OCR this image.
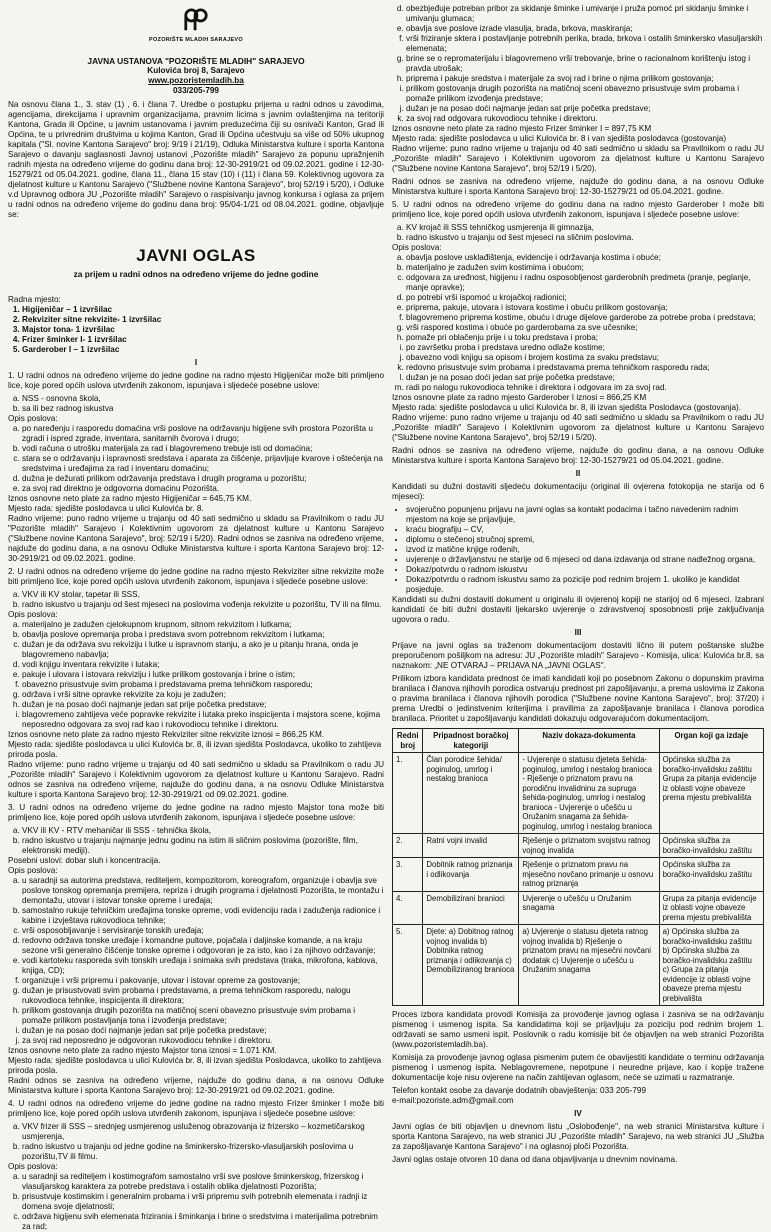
POZORIŠTE MLADIH SARAJEVO
JAVNA USTANOVA "POZORIŠTE MLADIH" SARAJEVO
Kulovića broj 8, Sarajevo
www.pozoristemladih.ba
033/205-799

Na osnovu člana 1., 3. stav (1) , 6. i člana 7. Uredbe o postupku prijema u radni odnos u zavodima, agencijama, direkcijama i upravnim organizacijama, pravnim licima s javnim ovlaštenjima na teritoriji Kantona, Grada ili Općine, u javnim ustanovama i javnim preduzećima čiji su osnivači Kanton, Grad ili Općina, te u privrednim društvima u kojima Kanton, Grad ili Općina učestvuju sa više od 50% ukupnog kapitala ("Sl. novine Kantona Sarajevo" broj: 9/19 i 21/19), Odluka Ministarstva kulture i sporta Kantona Sarajevo o davanju saglasnosti Javnoj ustanovi „Pozorište mladih" Sarajevo za popunu upražnjenih radnih mjesta na određeno vrijeme do godinu dana broj: 12-30-2919/21 od 09.02.2021. godine i 12-30-15279/21 od 05.04.2021. godine, člana 11., člana 15 stav (10) i (11) i člana 59. Kolektivnog ugovora za djelatnost kulture u Kantonu Sarajevo ("Službene novine Kantona Sarajevo", broj 52/19 i 5/20), i Odluke v.d Upravnog odbora JU „Pozorište mladih" Sarajevo o raspisivanju javnog konkursa i oglasa za prijem u radni odnos na određeno vrijeme do godinu dana broj: 95/04-1/21 od 08.04.2021. godine, objavljuje se:

JAVNI OGLAS
za prijem u radni odnos na određeno vrijeme do jedne godine
Radna mjesto:
1. Higijeničar – 1 izvršilac
2. Rekviziter sitne rekvizite- 1 izvršilac
3. Majstor tona- 1 izvršilac
4. Frizer šminker I- 1 izvršilac
5. Garderober I – 1 izvršilac
I

1. U radni odnos na određeno vrijeme do jedne godine na radno mjesto Higijeničar može biti primljeno lice, koje pored općih uslova utvrđenih zakonom, ispunjava i sljedeće posebne uslove:

a. NSS - osnovna škola,
b. sa ili bez radnog iskustva
Opis poslova:
a. po naređenju i rasporedu domaćina vrši poslove na održavanju higijene svih prostora Pozorišta u zgradi i ispred zgrade, inventara, sanitarnih čvorova i drugo;
b. vodi računa o utrošku materijala za rad i blagovremeno trebuje isti od domaćina;
c. stara se o održavanju i ispravnosti sredstava i aparata za čišćenje, prijavljuje kvarove i oštećenja na sredstvima i uređajima za rad i inventaru domaćinu;
d. dužna je dežurati prilikom održavanja predstava i drugih programa u pozorištu;
e. za svoj rad direktno je odgovorna domaćinu Pozorišta.
Iznos osnovne neto plate za radno mjesto Higijeničar = 645,75 KM.
Mjesto rada: sjedište poslodavca u ulici Kulovića br. 8.

Radno vrijeme: puno radno vrijeme u trajanju od 40 sati sedmično u skladu sa Pravilnikom o radu JU "Pozorište mladih" Sarajevo i Kolektivnim ugovorom za djelatnost kulture u Kantonu Sarajevo ("Službene novine Kantona Sarajevo", broj: 52/19 i 5/20). Radni odnos se zasniva na određeno vrijeme, najduže do godinu dana, a na osnovu Odluke Ministarstva kulture i sporta Kantona Sarajevo broj: 12-30-2919/21 od 09.02.2021. godine.

2. U radni odnos na određeno vrijeme do jedne godine na radno mjesto Rekviziter sitne rekvizite može biti primljeno lice, koje pored općih uslova utvrđenih zakonom, ispunjava i sljedeće posebne uslove:

a. VKV ili KV stolar, tapetar ili SSS,
b. radno iskustvo u trajanju od šest mjeseci na poslovima vođenja rekvizite u pozorištu, TV ili na filmu.
Opis poslova:
a. materijalno je zadužen cjelokupnom krupnom, sitnom rekvizitom i lutkama;
b. obavlja poslove opremanja proba i predstava svom potrebnom rekvizitom i lutkama;
c. dužan je da održava svu rekviziju i lutke u ispravnom stanju, a ako je u pitanju hrana, onda je blagovremeno nabavlja;
d. vodi knjigu inventara rekvizite i lutaka;
e. pakuje i ulovara i istovara rekviziju i lutke prilikom gostovanja i brine o istim;
f. obavezno prisustvuje svim probama i predstavama prema tehničkom rasporedu;
g. održava i vrši sitne opravke rekvizite za koju je zadužen;
h. dužan je na posao doći najmanje jedan sat prije početka predstave;
i. blagovremeno zahtijeva veće popravke rekvizite i lutaka preko inspicijenta i majstora scene, kojima neposredno odgovara za svoj rad kao i rukovodiocu tehnike i direktoru.
Iznos osnovne neto plate za radno mjesto Rekviziter sitne rekvizite iznosi = 866,25 KM.
Mjesto rada: sjedište poslodavca u ulici Kulovića br. 8, ili izvan sjedišta Poslodavca, ukoliko to zahtijeva priroda posla.

Radno vrijeme: puno radno vrijeme u trajanju od 40 sati sedmično u skladu sa Pravilnikom o radu JU „Pozorište mladih" Sarajevo i Kolektivnim ugovorom za djelatnost kulture u Kantonu Sarajevo. Radni odnos se zasniva na određeno vrijeme, najduže do godinu dana, a na osnovu Odluke Ministarstva kulture i sporta Kantona Sarajevo broj: 12-30-2919/21 od 09.02.2021. godine.

3. U radni odnos na određeno vrijeme do jedne godine na radno mjesto Majstor tona može biti primljeno lice, koje pored općih uslova utvrđenih zakonom, ispunjava i sljedeće posebne uslove:

a. VKV ili KV - RTV mehaničar ili SSS - tehnička škola,
b. radno iskustvo u trajanju najmanje jednu godinu na istim ili sličnim poslovima (pozorište, film, elektronski mediji).
Posebni uslovi: dobar sluh i koncentracija.
Opis poslova:
a. u saradnji sa autorima predstava, rediteljem, kompozitorom, koreografom, organizuje i obavlja sve poslove tonskog opremanja premijera, repriza i drugih programa i djelatnosti Pozorišta, te montažu i demontažu, utovar i istovar tonske opreme i uređaja;
b. samostalno rukuje tehničkim uređajima tonske opreme, vodi evidenciju rada i zaduženja radionice i kabine i izvještava rukovodioca tehnike;
c. vrši osposobljavanje i servisiranje tonskih uređaja;
d. redovno održava tonske uređaje i komandne pultove, pojačala i daljinske komande, a na kraju sezone vrši generalno čišćenje tonske opreme i odgovoran je za isto, kao i za njihovo održavanje;
e. vodi kartoteku rasporeda svih tonskih uređaja i snimaka svih predstava (traka, mikrofona, kablova, knjiga, CD);
f. organizuje i vrši pripremu i pakovanje, utovar i istovar opreme za gostovanje;
g. dužan je prisustvovati svim probama i predstavama, a prema tehničkom rasporedu, nalogu rukovodioca tehnike, inspicijenta ili direktora;
h. prilikom gostovanja drugih pozorišta na matičnoj sceni obavezno prisustvuje svim probama i pomaže prilikom postavljanja tona i izvođenja predstave;
i. dužan je na posao doći najmanje jedan sat prije početka predstave;
j. za svoj rad neposredno je odgovoran rukovodiocu tehnike i direktoru.
Iznos osnovne neto plate za radno mjesto Majstor tona iznosi = 1.071 KM.
Mjesto rada: sjedište poslodavca u ulici Kulovića br. 8, ili izvan sjedišta Poslodavca, ukoliko to zahtijeva priroda posla.

Radni odnos se zasniva na određeno vrijeme, najduže do godinu dana, a na osnovu Odluke Ministarstva kulture i sporta Kantona Sarajevo broj: 12-30-2919/21 od 09.02.2021. godine.

4. U radni odnos na određeno vrijeme do jedne godine na radno mjesto Frizer šminker I može biti primljeno lice, koje pored općih uslova utvrđenih zakonom, ispunjava i sljedeće posebne uslove:

a. VKV frizer ili SSS – srednjeg usmjerenog usluženog obrazovanja iz frizersko – kozmetičarskog usmjerenja,
b. radno iskustvo u trajanju od jedne godine na šminkersko-frizersko-vlasuljarskih poslovima u pozorištu,TV ili filmu.
Opis poslova:
a. u saradnji sa rediteljem i kostimografom samostalno vrši sve poslove šminkerskog, frizerskog i vlasuljarskog karaktera za potrebe predstava i ostalih oblika djelatnosti Pozorišta;
b. prisustvuje kostimskim i generalnim probama i vrši pripremu svih potrebnih elemenata i radnji iz domena svoje djelatnosti;
c. održava higijenu svih elemenata frizirania i šminkanja i brine o sredstvima i materijalima potrebnim za rad;
d. obezbjeđuje potreban pribor za skidanje šminke i umivanje i pruža pomoć pri skidanju šminke i umivanju glumaca;
e. obavlja sve poslove izrade vlasulja, brada, brkova, maskiranja;
f. vrši friziranje sktera i postavljanje potrebnih perika, brada, brkova i ostalih šminkersko vlasuljarskih elemenata;
g. brine se o repromaterijalu i blagovremeno vrši trebovanje, brine o racionalnom korištenju istog i pravda utrošak;
h. priprema i pakuje sredstva i materijale za svoj rad i brine o njima prilikom gostovanja;
i. prilikom gostovanja drugih pozorišta na matičnoj sceni obavezno prisustvuje svim probama i pomaže prilikom izvođenja predstave;
j. dužan je na posao doći najmanje jedan sat prije početka predstave;
k. za svoj rad odgovara rukovodiocu tehnike i direktoru.
Iznos osnovne neto plate za radno mjesto Frizer šminker I = 897,75 KM
Mjesto rada: sjedište poslodavca u ulici Kulovića br. 8 i van sjedišta poslodavca (gostovanja)

Radno vrijeme: puno radno vrijeme u trajanju od 40 sati sedmično u skladu sa Pravilnikom o radu JU „Pozorište mladih" Sarajevo i Kolektivnim ugovorom za djelatnost kulture u Kantonu Sarajevo ("Službene novine Kantona Sarajevo", broj 52/19 i 5/20).

Radni odnos se zasniva na određeno vrijeme, najduže do godinu dana, a na osnovu Odluke Ministarstva kulture i sporta Kantona Sarajevo broj: 12-30-15279/21 od 05.04.2021. godine.

5. U radni odnos na određeno vrijeme do godinu dana na radno mjesto Garderober I može biti primljeno lice, koje pored općih uslova utvrđenih zakonom, ispunjava i sljedeće posebne uslove:

a. KV krojač ili SSS tehničkog usmjerenja ili gimnazija,
b. radno iskustvo u trajanju od šest mjeseci na sličnim poslovima.
Opis poslova:
a. obavlja poslove usklađištenja, evidencije i održavanja kostima i obuće;
b. materijalno je zadužen svim kostimima i obućom;
c. odgovara za uređnost, higijenu i radnu osposobljenost garderobnih predmeta (pranje, peglanje, manje opravke);
d. po potrebi vrši ispomoć u krojačkoj radionici;
e. priprema, pakuje, utovara i istovara kostime i obuću prilikom gostovanja;
f. blagovremeno priprema kostime, obuću i druge dijelove garderobe za potrebe proba i predstava;
g. vrši raspored kostima i obuće po garderobama za sve učesnike;
h. pomaže pri oblačenju prije i u toku predstava i proba;
i. po završetku proba i predstava uredno odlaže kostime;
j. obavezno vodi knjigu sa opisom i brojem kostima za svaku predstavu;
k. redovno prisustvuje svim probama i predstavama prema tehničkom rasporedu rada;
l. dužan je na posao doći jedan sat prije početka predstave;
m. radi po nalogu rukovodioca tehnike i direktora i odgovara im za svoj rad.
Iznos osnovne plate za radno mjesto Garderober I iznosi = 866,25 KM
Mjesto rada: sjedište poslodavca u ulici Kulovića br. 8, ili izvan sjedišta Poslodavca (gostovanja).

Radno vrijeme: puno radno vrijeme u trajanju od 40 sati sedmično u skladu sa Pravilnikom o radu JU „Pozorište mladih" Sarajevo i Kolektivnim ugovorom za djelatnost kulture u Kantonu Sarajevo ("Službene novine Kantona Sarajevo", broj 52/19 i 5/20).

Radni odnos se zasniva na određeno vrijeme, najduže do godinu dana, a na osnovu Odluke Ministarstva kulture i sporta Kantona Sarajevo broj: 12-30-15279/21 od 05.04.2021. godine.

II

Kandidati su dužni dostaviti sljedeću dokumentaciju (original ili ovjerena fotokopija ne starija od 6 mjeseci):

• svojeručno popunjenu prijavu na javni oglas sa kontakt podacima i tačno navedenim radnim mjestom na koje se prijavljuje,
• kraću biografiju – CV,
• diplomu o stečenoj stručnoj spremi,
• izvod iz matične knjige rođenih,
• uvjerenje o državljanstvu ne starije od 6 mjeseci od dana izdavanja od strane nadležnog organa,
• Dokaz/potvrdu o radnom iskustvu
• Dokaz/potvrdu o radnom iskustvu samo za pozicije pod rednim brojem 1. ukoliko je kandidat posjeduje.

Kandidati su dužni dostaviti dokument u originalu ili ovjerenoj kopiji ne starijoj od 6 mjeseci. Izabrani kandidati će biti dužni dostaviti ljekarsko uvjerenje o zdravstvenoj sposobnosti prije zaključivanja ugovora o radu.

III

Prijave na javni oglas sa traženom dokumentacijom dostaviti lično ili putem poštanske službe preporučenom pošiljkom na adresu: JU „Pozorište mladih" Sarajevo - Komisija, ulica: Kulovića br.8, sa naznakom: „NE OTVARAJ – PRIJAVA NA „JAVNI OGLAS".

Prilikom izbora kandidata prednost će imati kandidati koji po posebnom Zakonu o dopunskim pravima branilaca i članova njihovih porodica ostvaruju prednost pri zapošljavanju, a prema uslovima iz Zakona o pravima branilaca i članova njihovih porodica ("Službene novine Kantona Sarajevo", broj: 37/20) i prema Uredbi o jedinstvenim kriterijima i pravilima za zapošljavanje branilaca i članova porodica branilaca. Prioritet u zapošljavanju kandidati dokazuju odgovarajućom dokumentacijom.

Redni broj	Pripadnost boračkoj kategoriji	Naziv dokaza-dokumenta	Organ koji ga izdaje
1.	Član porodice šehida/ poginulog, umrlog i nestalog branioca	- Uvjerenje o statusu djeteta šehida-poginulog, umrlog i nestalog branioca - Rješenje o priznatom pravu na porodičnu invalidninu za supruga šehida-poginulog, umrlog i nestalog branioca - Uvjerenje o učešću u Oružanim snagama za šehida-poginulog, umrlog i nestalog branioca	Općinska služba za boračko-invalidsku zaštitu Grupa za pitanja evidencije iz oblasti vojne obaveze prema mjestu prebivališta
2.	Ratni vojni invalid	Rješenje o priznatom svojstvu ratnog vojnog invalida	Općinska služba za boračko-invalidsku zaštitu
3.	Dobitnik ratnog priznanja i odlikovanja	Rješenje o priznatom pravu na mjesečno novčano primanje u osnovu ratnog priznanja	Općinska služba za boračko-invalidsku zaštitu
4.	Demobilizirani branioci	Uvjerenje o učešću u Oružanim snagama	Grupa za pitanja evidencije iz oblasti vojne obaveze prema mjestu prebivališta
5.	Djete: a) Dobitnog ratnog vojnog invalida b) Dobitnika ratnog priznanja i odlikovanja c) Demobiliziranog branioca	a) Uvjerenje o statusu djeteta ratnog vojnog invalida b) Rješenje o priznatom pravu na mjesečni novčani dodatak c) Uvjerenje o učešću u Oružanim snagama	a) Općinska služba za boračko-invalidsku zaštitu b) Općinska služba za boračko-invalidsku zaštitu c) Grupa za pitanja evidencije iz oblasti vojne obaveze prema mjestu prebivališta

Proces izbora kandidata provodi Komisija za provođenje javnog oglasa i zasniva se na održavanju pismenog i usmenog ispita. Sa kandidatima koji se prijavljuju za poziciju pod rednim brojem 1. održavati se samo usmeni ispit. Poslovnik o radu komisije bit će objavljen na web stranici Pozorišta (www.pozoristemladih.ba).

Komisija za provođenje javnog oglasa pismenim putem će obavijestiti kandidate o terminu održavanja pismenog i usmenog ispita. Neblagovremene, nepotpune i neuredne prijave, kao i kopije tražene dokumentacije koje nisu ovjerene na način zahtijevan oglasom, neće se uzimati u razmatranje.

Telefon kontakt osobe za davanje dodatnih obavještenja: 033 205-799
e-mail:pozoriste.adm@gmail.com
IV

Javni oglas će biti objavljen u dnevnom listu „Oslobođenje", na web stranici Ministarstva kulture i sporta Kantona Sarajevo, na web stranici JU „Pozorište mladih" Sarajevo, na web stranici JU „Služba za zapošljavanje Kantona Sarajevo" i na oglasnoj ploči Pozorišta.

Javni oglas ostaje otvoren 10 dana od dana objavljivanja u dnevnim novinama.
